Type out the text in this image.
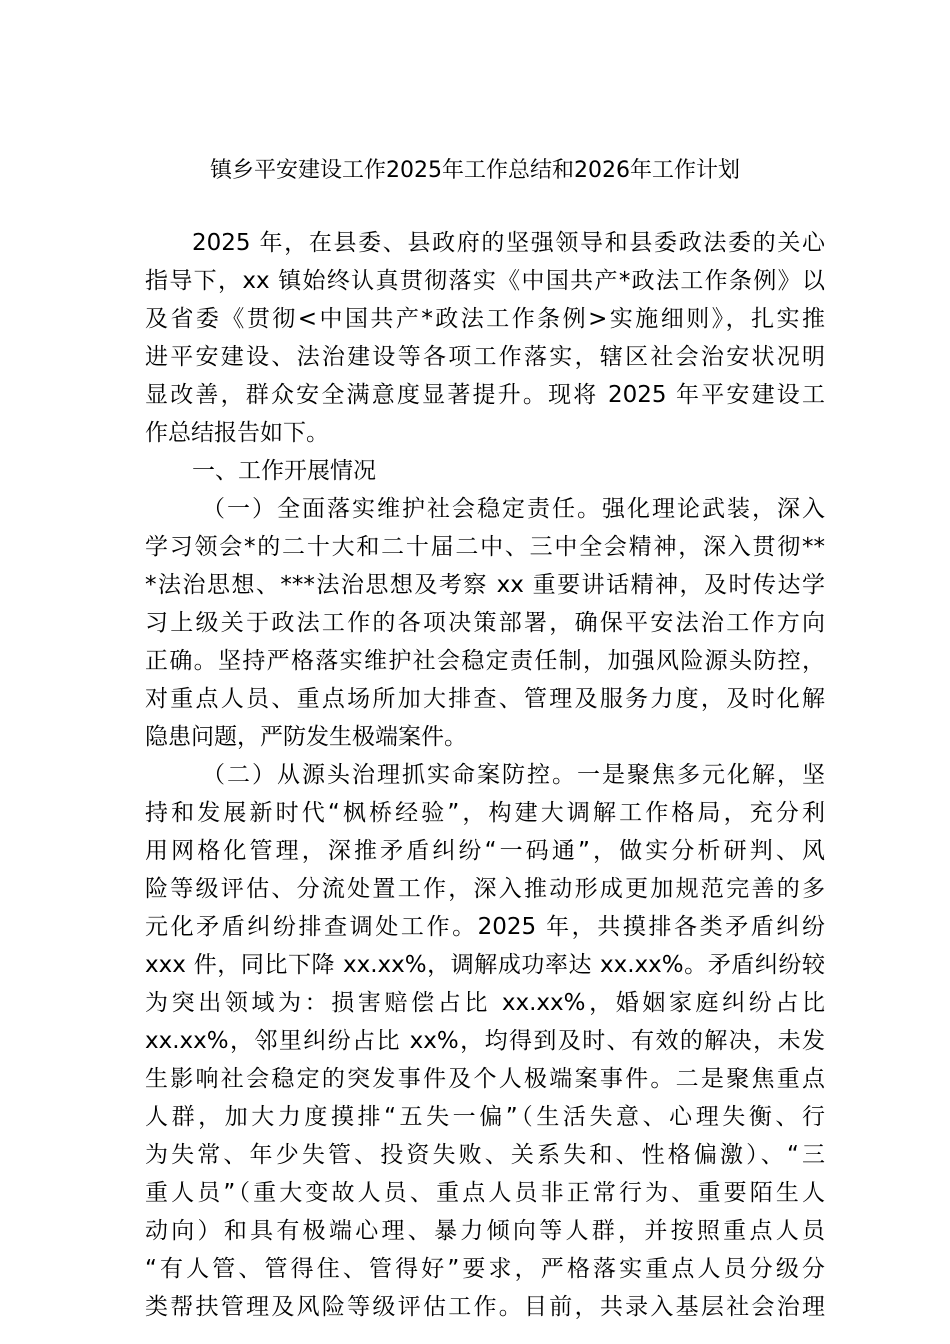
镇乡平安建设工作2025年工作总结和2026年工作计划
2025 年，在县委、县政府的坚强领导和县委政法委的关心
指导下，xx 镇始终认真贯彻落实《中国共产*政法工作条例》以
及省委《贯彻<中国共产*政法工作条例>实施细则》，扎实推
进平安建设、法治建设等各项工作落实，辖区社会治安状况明
显改善，群众安全满意度显著提升。现将 2025 年平安建设工
作总结报告如下。
一、工作开展情况
（一）全面落实维护社会稳定责任。强化理论武装，深入
学习领会*的二十大和二十届二中、三中全会精神，深入贯彻**
*法治思想、***法治思想及考察 xx 重要讲话精神，及时传达学
习上级关于政法工作的各项决策部署，确保平安法治工作方向
正确。坚持严格落实维护社会稳定责任制，加强风险源头防控，
对重点人员、重点场所加大排查、管理及服务力度，及时化解
隐患问题，严防发生极端案件。
（二）从源头治理抓实命案防控。一是聚焦多元化解，坚
持和发展新时代“枫桥经验”，构建大调解工作格局，充分利
用网格化管理，深推矛盾纠纷“一码通”，做实分析研判、风
险等级评估、分流处置工作，深入推动形成更加规范完善的多
元化矛盾纠纷排查调处工作。2025 年，共摸排各类矛盾纠纷
xxx 件，同比下降 xx.xx%，调解成功率达 xx.xx%。矛盾纠纷较
为突出领域为：损害赔偿占比 xx.xx%，婚姻家庭纠纷占比
xx.xx%，邻里纠纷占比 xx%，均得到及时、有效的解决，未发
生影响社会稳定的突发事件及个人极端案事件。二是聚焦重点
人群，加大力度摸排“五失一偏”（生活失意、心理失衡、行
为失常、年少失管、投资失败、关系失和、性格偏激）、“三
重人员”（重大变故人员、重点人员非正常行为、重要陌生人
动向）和具有极端心理、暴力倾向等人群，并按照重点人员
“有人管、管得住、管得好”要求，严格落实重点人员分级分
类帮扶管理及风险等级评估工作。目前，共录入基层社会治理
